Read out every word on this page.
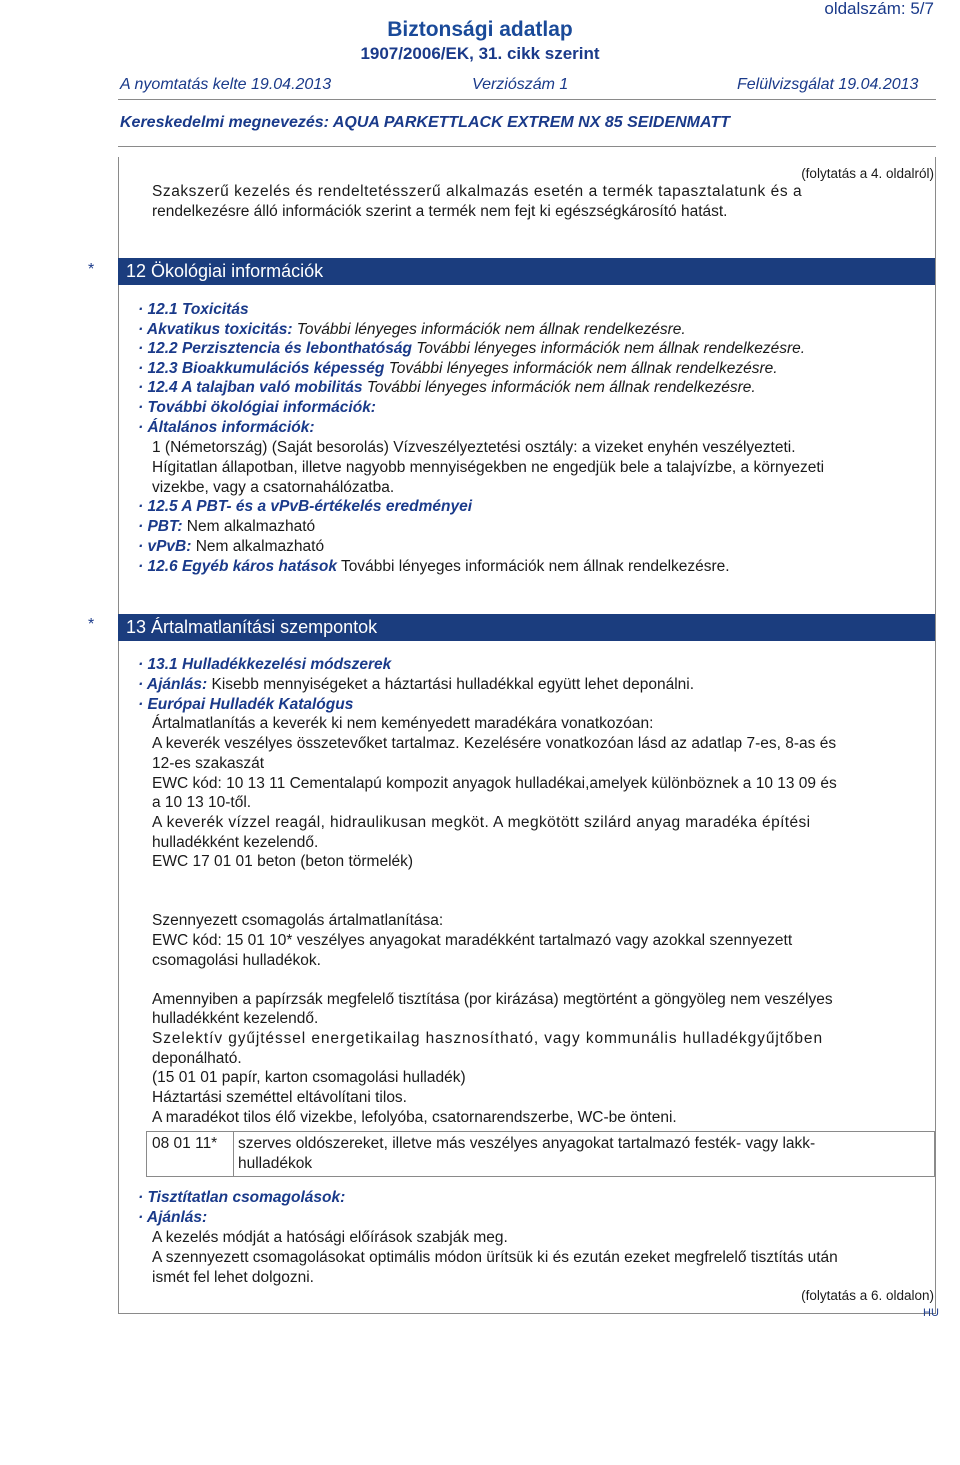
oldalszám: 5/7
Biztonsági adatlap
1907/2006/EK, 31. cikk szerint
A nyomtatás kelte 19.04.2013	Verziószám 1	Felülvizsgálat 19.04.2013
Kereskedelmi megnevezés: AQUA PARKETTLACK EXTREM NX 85 SEIDENMATT
(folytatás a 4. oldalról)
Szakszerű kezelés és rendeltetésszerű alkalmazás esetén a termék tapasztalatunk és a
rendelkezésre álló információk szerint a termék nem fejt ki egészségkárosító hatást.
*	12 Ökológiai információk
· 12.1 Toxicitás
· Akvatikus toxicitás: További lényeges információk nem állnak rendelkezésre.
· 12.2 Perzisztencia és lebonthatóság További lényeges információk nem állnak rendelkezésre.
· 12.3 Bioakkumulációs képesség További lényeges információk nem állnak rendelkezésre.
· 12.4 A talajban való mobilitás További lényeges információk nem állnak rendelkezésre.
· További ökológiai információk:
· Általános információk:
1 (Németország) (Saját besorolás) Vízveszélyeztetési osztály: a vizeket enyhén veszélyezteti.
Hígitatlan állapotban, illetve nagyobb mennyiségekben ne engedjük bele a talajvízbe, a környezeti
vizekbe, vagy a csatornahálózatba.
· 12.5 A PBT- és a vPvB-értékelés eredményei
· PBT: Nem alkalmazható
· vPvB: Nem alkalmazható
· 12.6 Egyéb káros hatások További lényeges információk nem állnak rendelkezésre.
*	13 Ártalmatlanítási szempontok
· 13.1 Hulladékkezelési módszerek
· Ajánlás: Kisebb mennyiségeket a háztartási hulladékkal együtt lehet deponálni.
· Európai Hulladék Katalógus
Ártalmatlanítás a keverék ki nem keményedett maradékára vonatkozóan:
A keverék veszélyes összetevőket tartalmaz. Kezelésére vonatkozóan lásd az adatlap 7-es, 8-as és
12-es szakaszát
EWC kód: 10 13 11 Cementalapú kompozit anyagok hulladékai,amelyek különböznek a 10 13 09 és
a 10 13 10-től.
A keverék vízzel reagál, hidraulikusan megköt. A megkötött szilárd anyag maradéka építési
hulladékként kezelendő.
EWC 17 01 01 beton (beton törmelék)
Szennyezett csomagolás ártalmatlanítása:
EWC kód: 15 01 10* veszélyes anyagokat maradékként tartalmazó vagy azokkal szennyezett
csomagolási hulladékok.
Amennyiben a papírzsák megfelelő tisztítása (por kirázása) megtörtént a göngyöleg nem veszélyes
hulladékként kezelendő.
Szelektív gyűjtéssel energetikailag hasznosítható, vagy kommunális hulladékgyűjtőben
deponálható.
(15 01 01 papír, karton csomagolási hulladék)
Háztartási szeméttel eltávolítani tilos.
A maradékot tilos élő vizekbe, lefolyóba, csatornarendszerbe, WC-be önteni.
08 01 11* szerves oldószereket, illetve más veszélyes anyagokat tartalmazó festék- vagy lakk-
hulladékok
· Tisztítatlan csomagolások:
· Ajánlás:
A kezelés módját a hatósági előírások szabják meg.
A szennyezett csomagolásokat optimális módon ürítsük ki és ezután ezeket megfrelelő tisztítás után
ismét fel lehet dolgozni.
(folytatás a 6. oldalon)
HU
